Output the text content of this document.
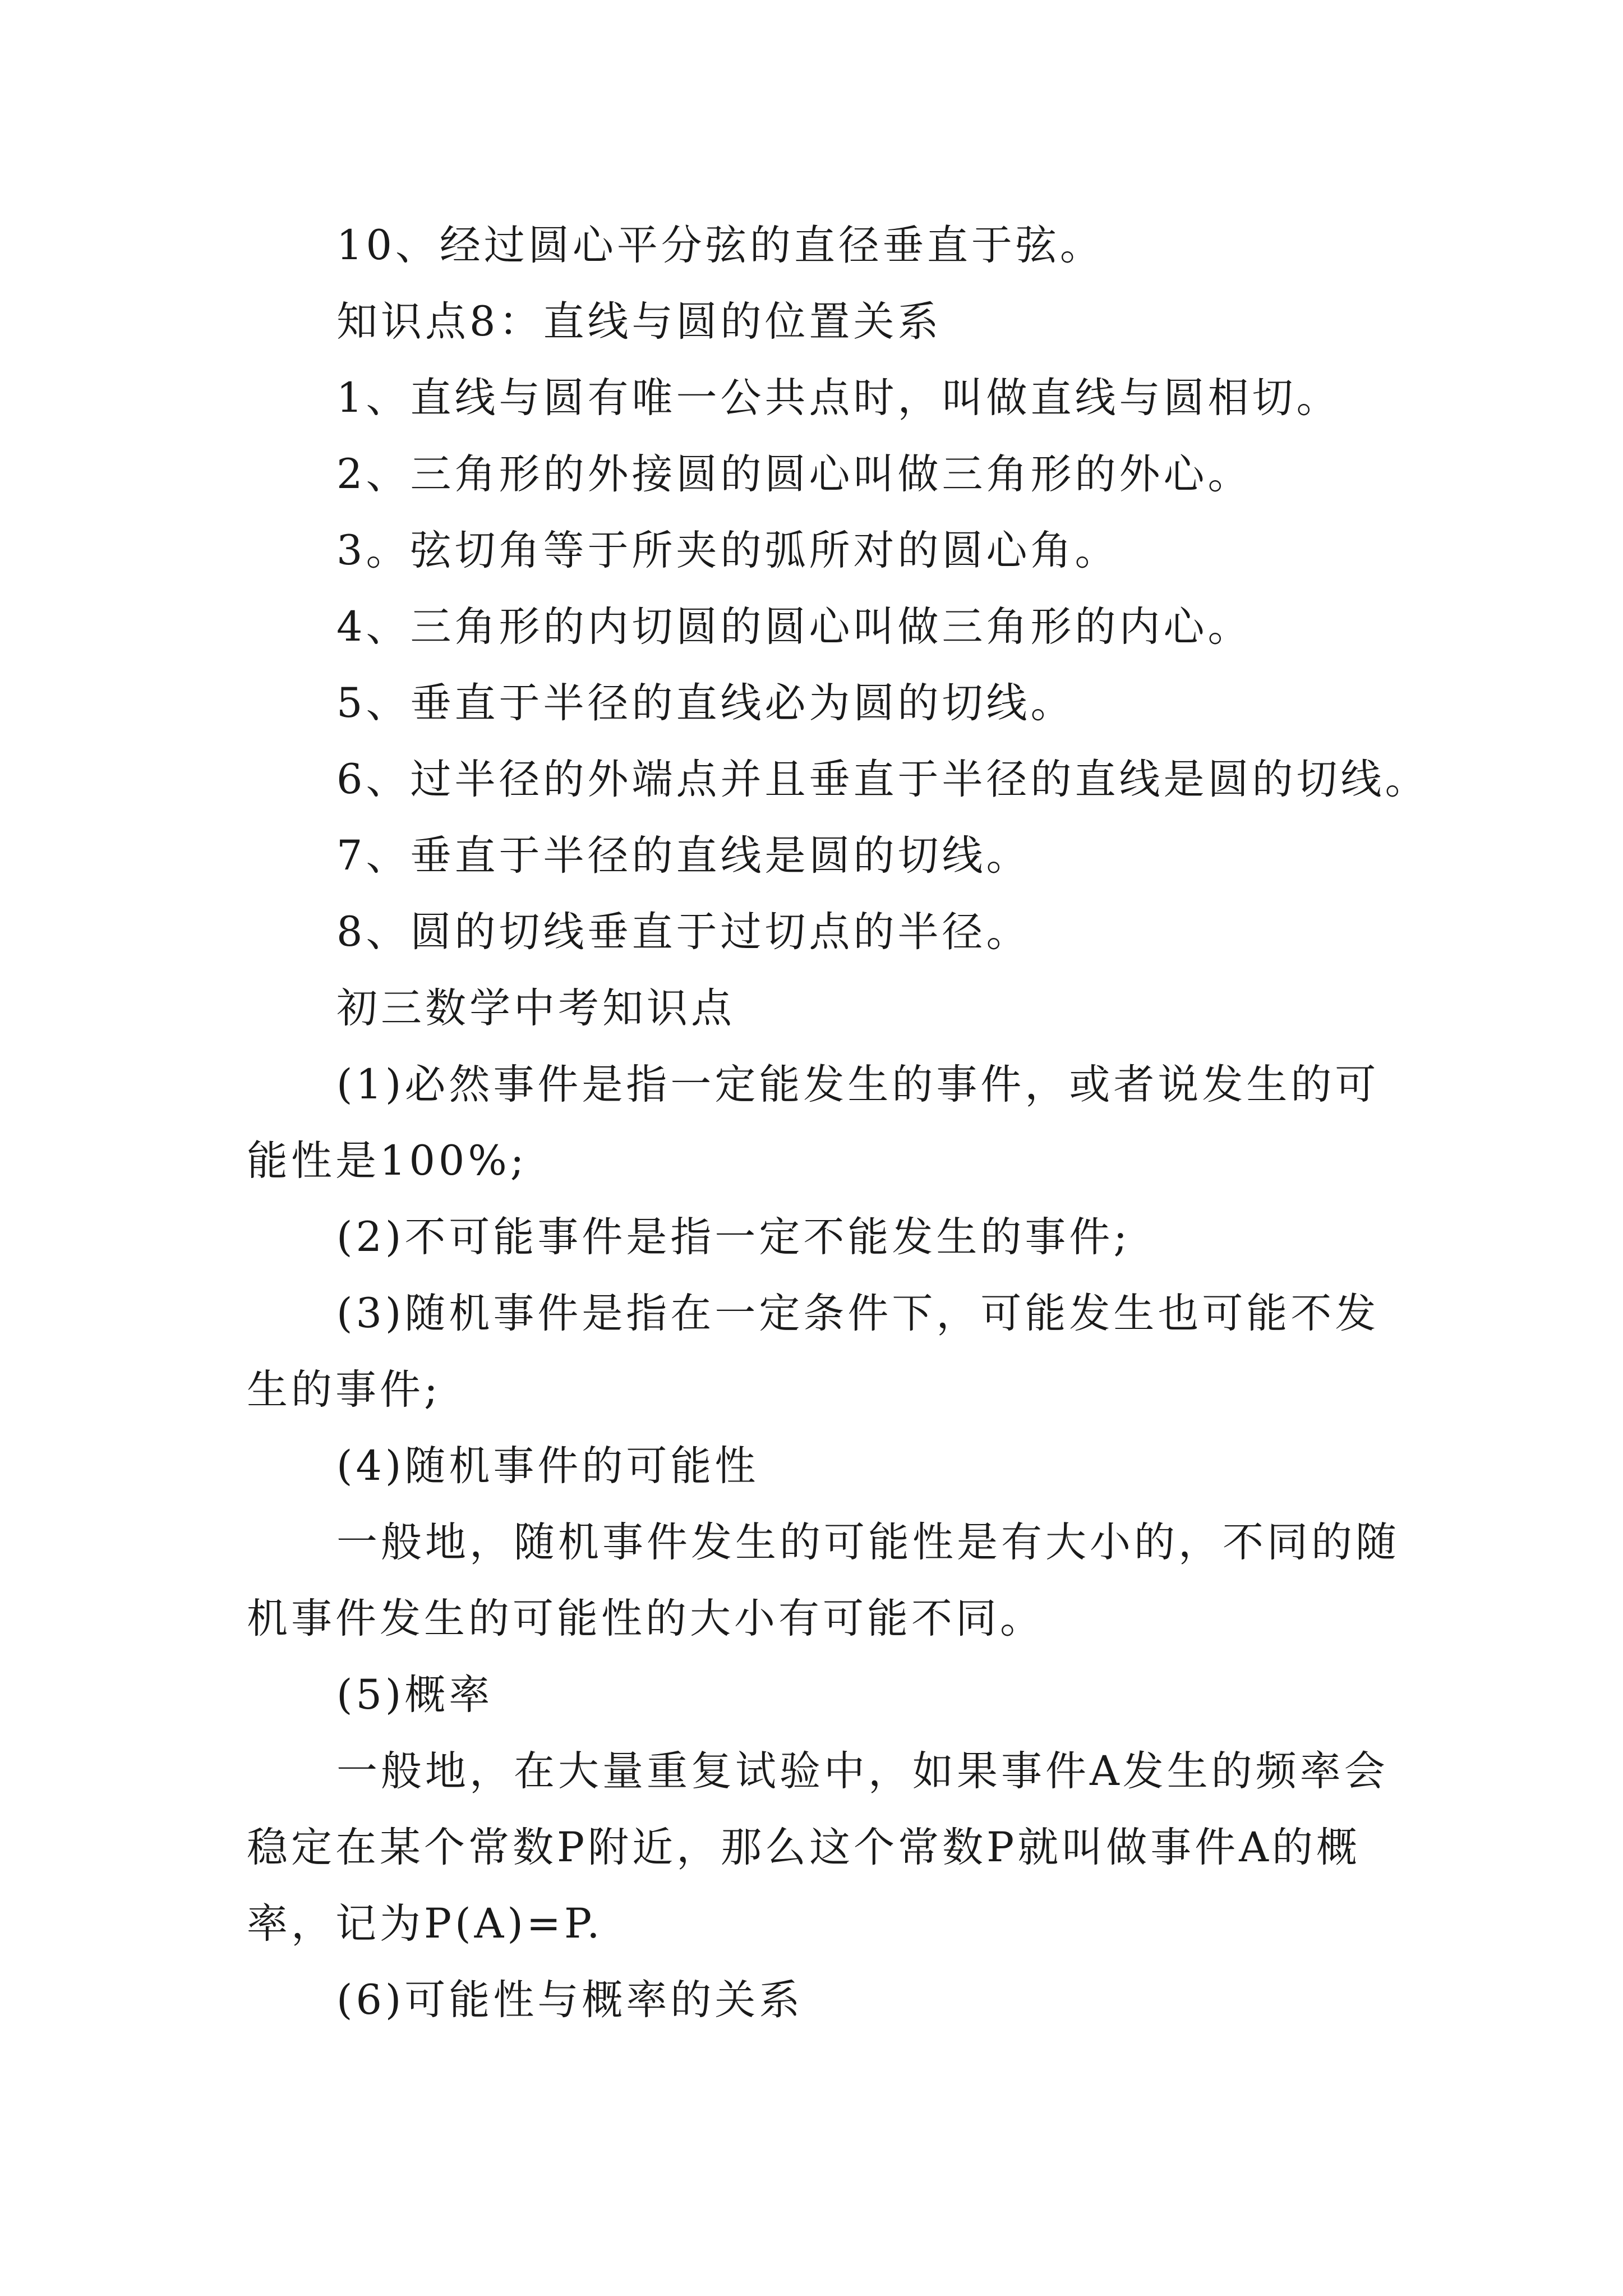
10、经过圆心平分弦的直径垂直于弦。

知识点8：直线与圆的位置关系

1、直线与圆有唯一公共点时，叫做直线与圆相切。

2、三角形的外接圆的圆心叫做三角形的外心。

3。弦切角等于所夹的弧所对的圆心角。

4、三角形的内切圆的圆心叫做三角形的内心。

5、垂直于半径的直线必为圆的切线。

6、过半径的外端点并且垂直于半径的直线是圆的切线。

7、垂直于半径的直线是圆的切线。

8、圆的切线垂直于过切点的半径。

初三数学中考知识点

(1)必然事件是指一定能发生的事件，或者说发生的可能性是100%;

(2)不可能事件是指一定不能发生的事件;

(3)随机事件是指在一定条件下，可能发生也可能不发生的事件;

(4)随机事件的可能性

一般地，随机事件发生的可能性是有大小的，不同的随机事件发生的可能性的大小有可能不同。

(5)概率

一般地，在大量重复试验中，如果事件A发生的频率会稳定在某个常数P附近，那么这个常数P就叫做事件A的概率，记为P(A)=P.

(6)可能性与概率的关系
